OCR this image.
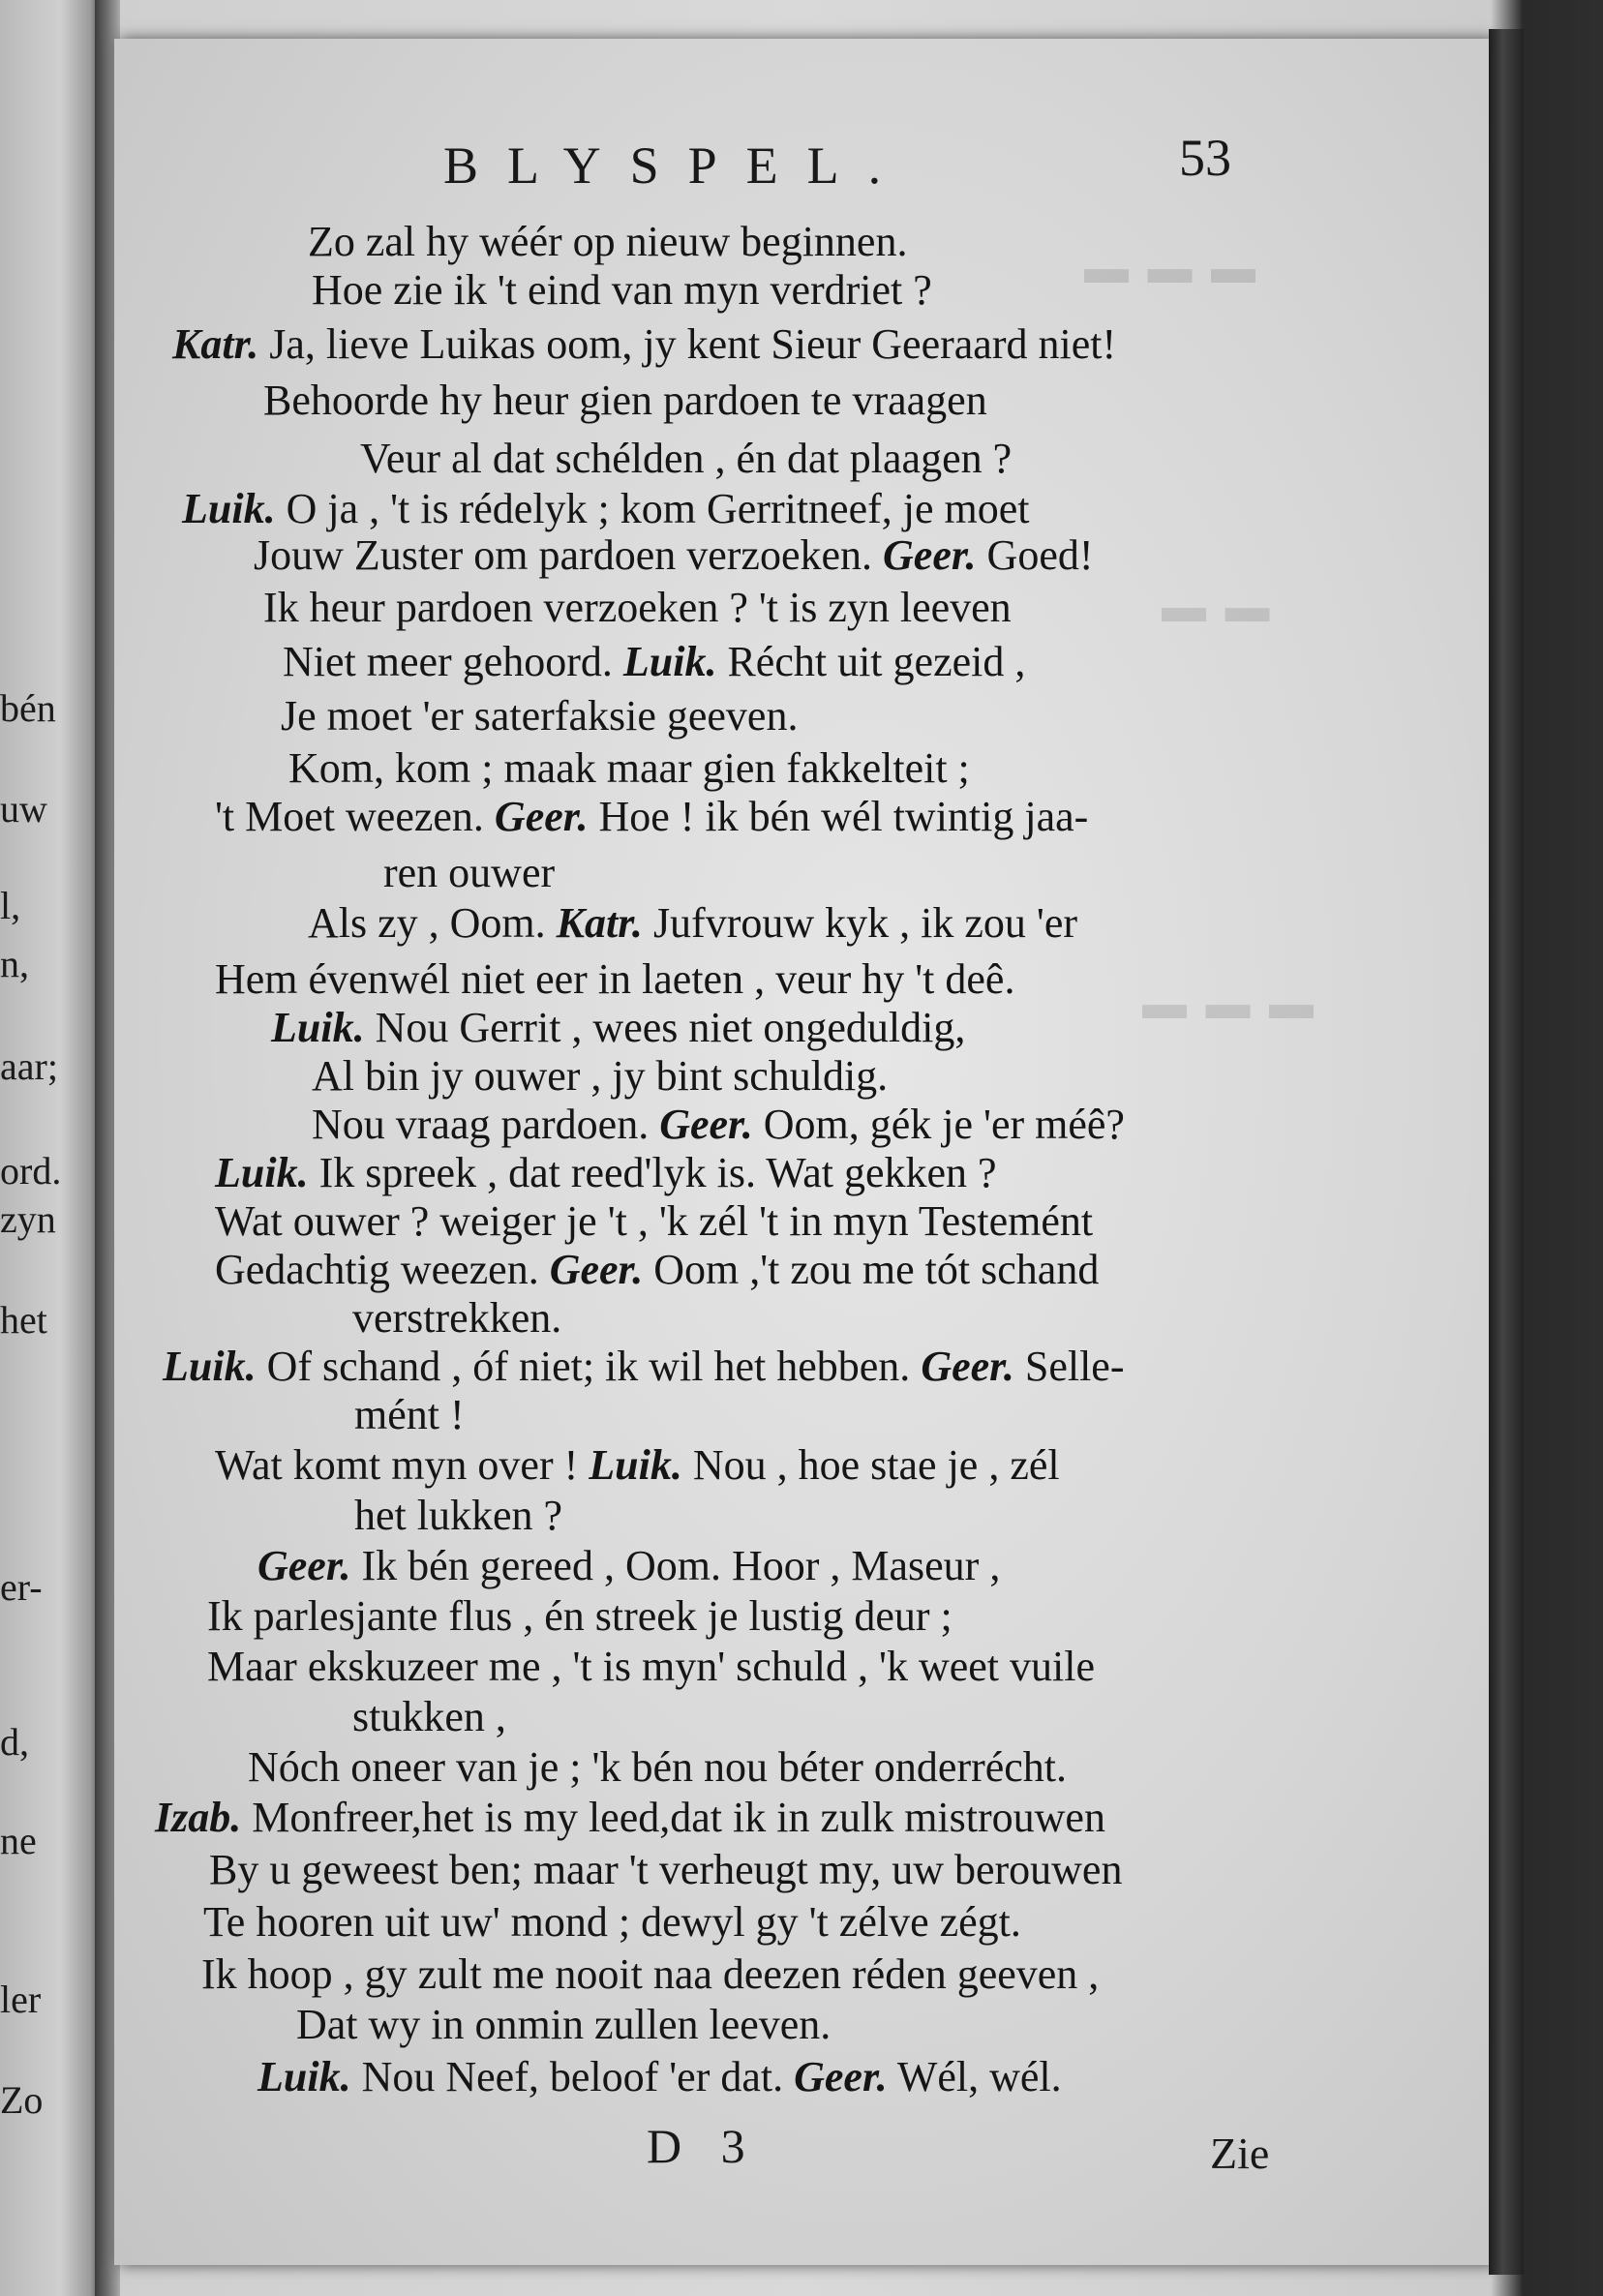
bén
uw
l,
n,
aar;
ord.
zyn
het
er-
d,
ne
ler
Zo
▬ ▬ ▬
▬ ▬
▬ ▬ ▬
BLYSPEL.	53
Zo zal hy wéér op nieuw beginnen.
Hoe zie ik 't eind van myn verdriet ?
Katr. Ja, lieve Luikas oom, jy kent Sieur Geeraard niet!
Behoorde hy heur gien pardoen te vraagen
Veur al dat schélden , én dat plaagen ?
Luik. O ja , 't is rédelyk ; kom Gerritneef, je moet
Jouw Zuster om pardoen verzoeken. Geer. Goed!
Ik heur pardoen verzoeken ? 't is zyn leeven
Niet meer gehoord. Luik. Récht uit gezeid ,
Je moet 'er saterfaksie geeven.
Kom, kom ; maak maar gien fakkelteit ;
't Moet weezen. Geer. Hoe ! ik bén wél twintig jaa-
ren ouwer
Als zy , Oom. Katr. Jufvrouw kyk , ik zou 'er
Hem évenwél niet eer in laeten , veur hy 't deê.
Luik. Nou Gerrit , wees niet ongeduldig,
Al bin jy ouwer , jy bint schuldig.
Nou vraag pardoen. Geer. Oom, gék je 'er méê?
Luik. Ik spreek , dat reed'lyk is. Wat gekken ?
Wat ouwer ? weiger je 't , 'k zél 't in myn Testemént
Gedachtig weezen. Geer. Oom ,'t zou me tót schand
verstrekken.
Luik. Of schand , óf niet; ik wil het hebben. Geer. Selle-
mént !
Wat komt myn over ! Luik. Nou , hoe stae je , zél
het lukken ?
Geer. Ik bén gereed , Oom. Hoor , Maseur ,
Ik parlesjante flus , én streek je lustig deur ;
Maar ekskuzeer me , 't is myn' schuld , 'k weet vuile
stukken ,
Nóch oneer van je ; 'k bén nou béter onderrécht.
Izab. Monfreer,het is my leed,dat ik in zulk mistrouwen
By u geweest ben; maar 't verheugt my, uw berouwen
Te hooren uit uw' mond ; dewyl gy 't zélve zégt.
Ik hoop , gy zult me nooit naa deezen réden geeven ,
Dat wy in onmin zullen leeven.
Luik. Nou Neef, beloof 'er dat. Geer. Wél, wél.
D 3	Zie
